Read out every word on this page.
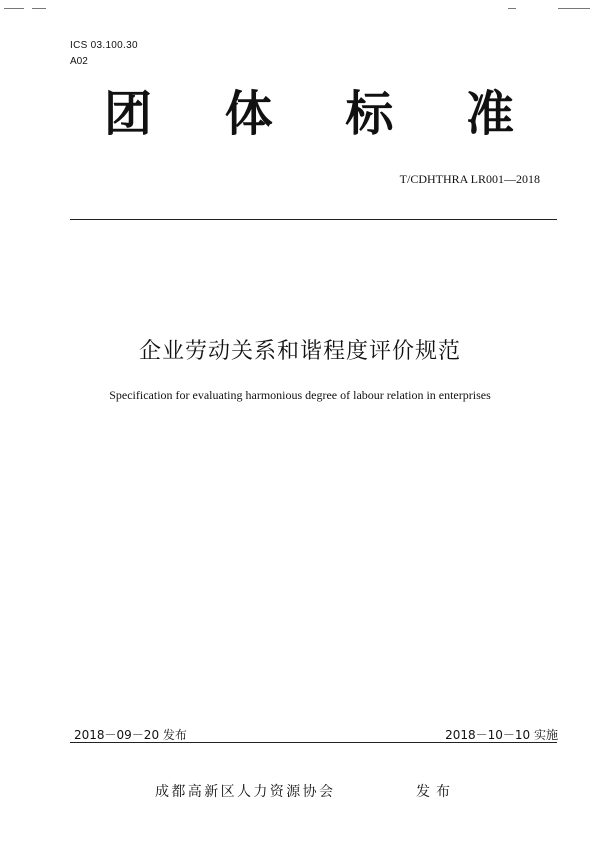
ICS 03.100.30
A02
团 体 标 准
T/CDHTHRA LR001—2018
企业劳动关系和谐程度评价规范
Specification for evaluating harmonious degree of labour relation in enterprises
2018－09－20 发布	2018－10－10 实施
成都高新区人力资源协会	发布
